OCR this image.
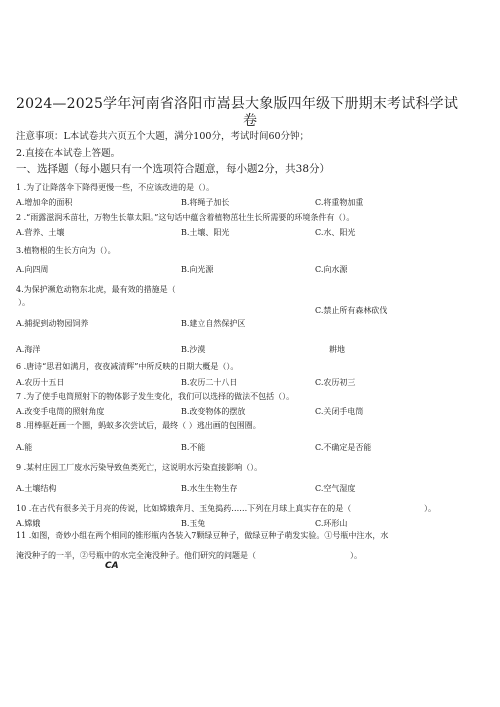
2024—2025学年河南省洛阳市嵩县大象版四年级下册期末考试科学试
卷
注意事项：L本试卷共六页五个大题，满分100分，考试时间60分钟；
2.直接在本试卷上答题。
一、选择题（每小题只有一个选项符合题意，每小题2分，共38分）
1 .为了让降落伞下降得更慢一些，不应该改进的是（）。
A.增加伞的面积	B.将绳子加长	C.将重物加重
2 .“雨露滋润禾苗壮，万物生长靠太阳。”这句话中蕴含着植物茁壮生长所需要的环境条件有（）。
A.营养、土壤	B.土壤、阳光	C.水、阳光
3.植物根的生长方向为（）。
A.向四周	B.向光源	C.向水源
4.为保护濒危动物东北虎，最有效的措施是（
）。
C.禁止所有森林砍伐
A.捕捉到动物园饲养	B.建立自然保护区
A.海洋	B.沙漠	耕地
6 .唐诗“思君如满月，夜夜减清辉”中所反映的日期大概是（）。
A.农历十五日	B.农历二十八日	C.农历初三
7 .为了使手电筒照射下的物体影子发生变化，我们可以选择的做法不包括（）。
A.改变手电筒的照射角度	B.改变物体的摆放	C.关闭手电筒
8 .用棒驱赶画一个圈，蚂蚁多次尝试后，最终（ ）逃出画的包围圈。
A.能	B.不能	C.不确定是否能
9 .某村庄因工厂废水污染导致鱼类死亡，这说明水污染直接影响（）。
A.土壤结构	B.水生生物生存	C.空气湿度
10 .在古代有很多关于月亮的传说，比如嫦娥奔月、玉兔捣药……下列在月球上真实存在的是（	）。
A.嫦娥	B.玉兔	C.环形山
11 .如图，奇妙小组在两个相同的锥形瓶内各装入7颗绿豆种子，做绿豆种子萌发实验。①号瓶中注水，水
淹没种子的一半，②号瓶中的水完全淹没种子。他们研究的问题是（	）。
CA
